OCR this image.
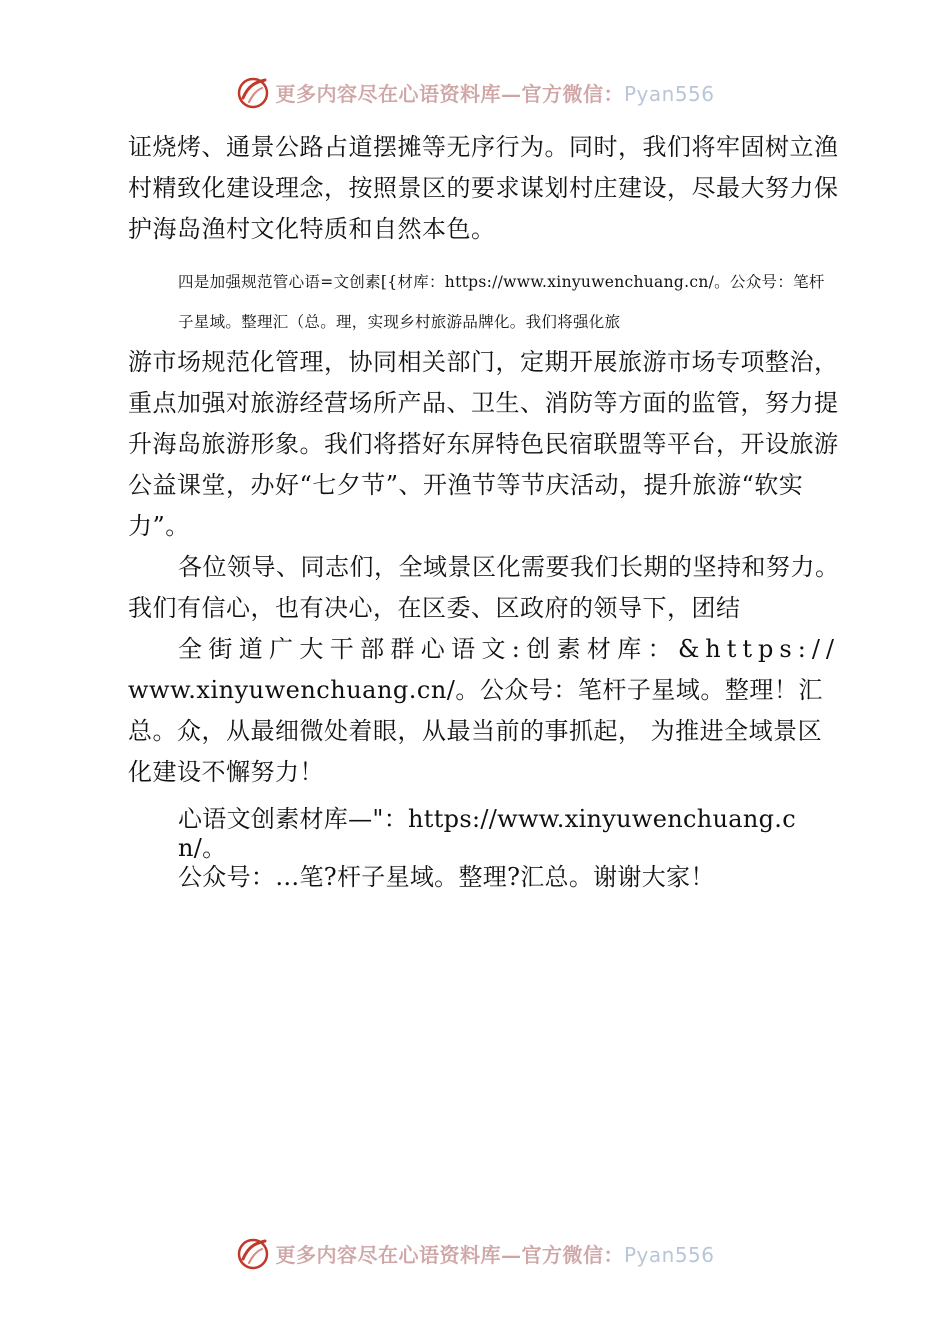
更多内容尽在心语资料库—官方微信：Pyan556

证烧烤、通景公路占道摆摊等无序行为。同时，我们将牢固树立渔村精致化建设理念，按照景区的要求谋划村庄建设，尽最大努力保护海岛渔村文化特质和自然本色。

四是加强规范管心语=文创素[{材库：https://www.xinyuwenchuang.cn/。公众号：笔杆子星域。整理汇（总。理，实现乡村旅游品牌化。我们将强化旅

游市场规范化管理，协同相关部门，定期开展旅游市场专项整治，重点加强对旅游经营场所产品、卫生、消防等方面的监管，努力提升海岛旅游形象。我们将搭好东屏特色民宿联盟等平台，开设旅游公益课堂，办好“七夕节”、开渔节等节庆活动，提升旅游“软实力”。

各位领导、同志们，全域景区化需要我们长期的坚持和努力。我们有信心，也有决心，在区委、区政府的领导下，团结
全街道广大干部群心语文:创素材库：&https://
www.xinyuwenchuang.cn/。公众号：笔杆子星域。整理！汇总。众，从最细微处着眼，从最当前的事抓起， 为推进全域景区化建设不懈努力！

心语文创素材库—"：https://www.xinyuwenchuang.cn/。

公众号：…笔?杆子星域。整理?汇总。谢谢大家！

更多内容尽在心语资料库—官方微信：Pyan556
